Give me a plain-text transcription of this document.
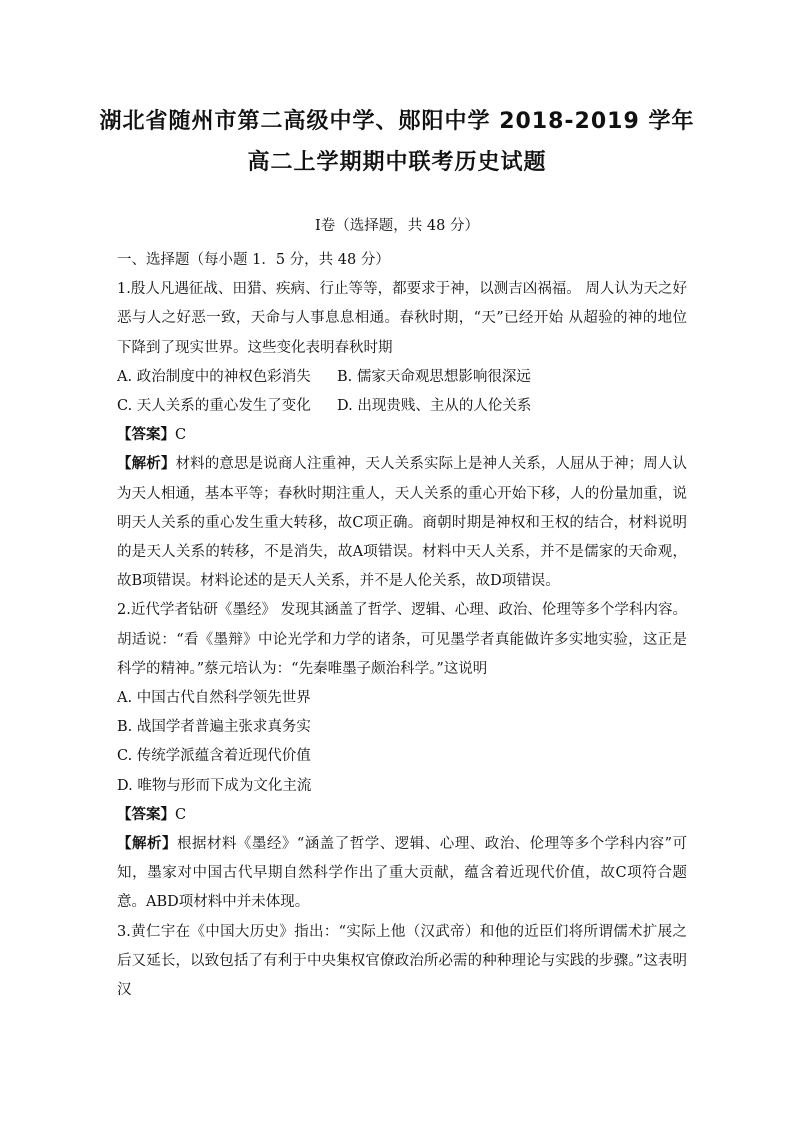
湖北省随州市第二高级中学、郧阳中学 2018-2019 学年
高二上学期期中联考历史试题
Ⅰ卷（选择题，共 48 分）

一、选择题（每小题 1．5 分，共 48 分）

1.殷人凡遇征战、田猎、疾病、行止等等，都要求于神，以测吉凶祸福。 周人认为天之好恶与人之好恶一致，天命与人事息息相通。春秋时期，“天”已经开始 从超验的神的地位下降到了现实世界。这些变化表明春秋时期

A. 政治制度中的神权色彩消失	B. 儒家天命观思想影响很深远
C. 天人关系的重心发生了变化	D. 出现贵贱、主从的人伦关系

【答案】C

【解析】材料的意思是说商人注重神，天人关系实际上是神人关系，人屈从于神；周人认为天人相通，基本平等；春秋时期注重人，天人关系的重心开始下移，人的份量加重，说明天人关系的重心发生重大转移，故C项正确。商朝时期是神权和王权的结合，材料说明的是天人关系的转移，不是消失，故A项错误。材料中天人关系，并不是儒家的天命观，故B项错误。材料论述的是天人关系，并不是人伦关系，故D项错误。

2.近代学者钻研《墨经》 发现其涵盖了哲学、逻辑、心理、政治、伦理等多个学科内容。胡适说：“看《墨辩》中论光学和力学的诸条，可见墨学者真能做许多实地实验，这正是科学的精神。”蔡元培认为：“先秦唯墨子颇治科学。”这说明

A. 中国古代自然科学领先世界

B. 战国学者普遍主张求真务实

C. 传统学派蕴含着近现代价值

D. 唯物与形而下成为文化主流

【答案】C

【解析】根据材料《墨经》“涵盖了哲学、逻辑、心理、政治、伦理等多个学科内容”可知，墨家对中国古代早期自然科学作出了重大贡献，蕴含着近现代价值，故C项符合题意。ABD项材料中并未体现。

3.黄仁宇在《中国大历史》指出：“实际上他（汉武帝）和他的近臣们将所谓儒术扩展之后又延长，以致包括了有利于中央集权官僚政治所必需的种种理论与实践的步骤。”这表明汉
